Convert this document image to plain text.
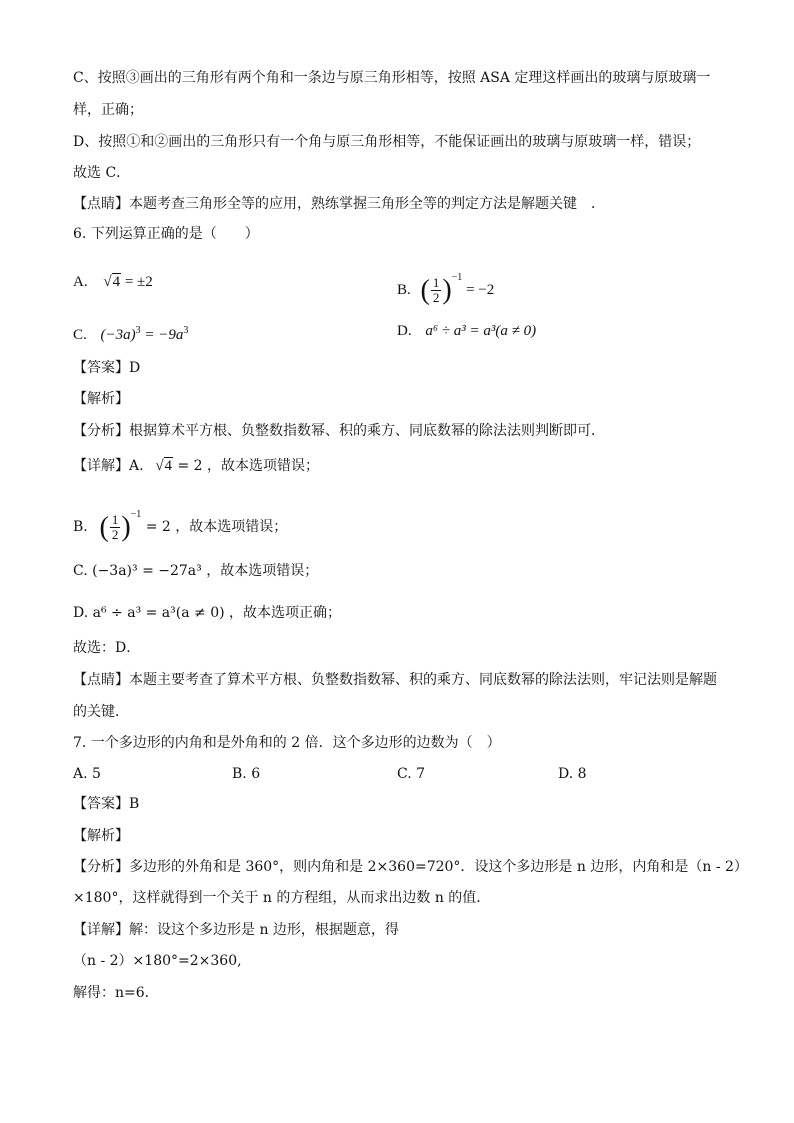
C、按照③画出的三角形有两个角和一条边与原三角形相等，按照 ASA 定理这样画出的玻璃与原玻璃一
样，正确；
D、按照①和②画出的三角形只有一个角与原三角形相等，不能保证画出的玻璃与原玻璃一样，错误；
故选 C．
【点睛】本题考查三角形全等的应用，熟练掌握三角形全等的判定方法是解题关键　．
6. 下列运算正确的是（　　）
A. √4 = ±2	B. ( $\frac{1}{2} )^{-1} = -2$
C. $(-3a)^3 = -9a^3$	D. a⁶ ÷ a³ = a³(a ≠ 0)
【答案】D
【解析】
【分析】根据算术平方根、负整数指数幂、积的乘方、同底数幂的除法法则判断即可．
【详解】A. √4 = 2 ，故本选项错误；
B. ( $\frac{1}{2} )^{-1} = 2$ ，故本选项错误；
C. (−3a)³ = −27a³ ，故本选项错误；
D. a⁶ ÷ a³ = a³(a ≠ 0) ，故本选项正确；
故选：D．
【点睛】本题主要考查了算术平方根、负整数指数幂、积的乘方、同底数幂的除法法则，牢记法则是解题
的关键．
7. 一个多边形的内角和是外角和的 2 倍．这个多边形的边数为（　）
A. 5	B. 6	C. 7	D. 8
【答案】B
【解析】
【分析】多边形的外角和是 360°，则内角和是 2×360=720°．设这个多边形是 n 边形，内角和是（n - 2）
×180°，这样就得到一个关于 n 的方程组，从而求出边数 n 的值．
【详解】解：设这个多边形是 n 边形，根据题意，得
（n - 2）×180°=2×360,
解得：n=6．
